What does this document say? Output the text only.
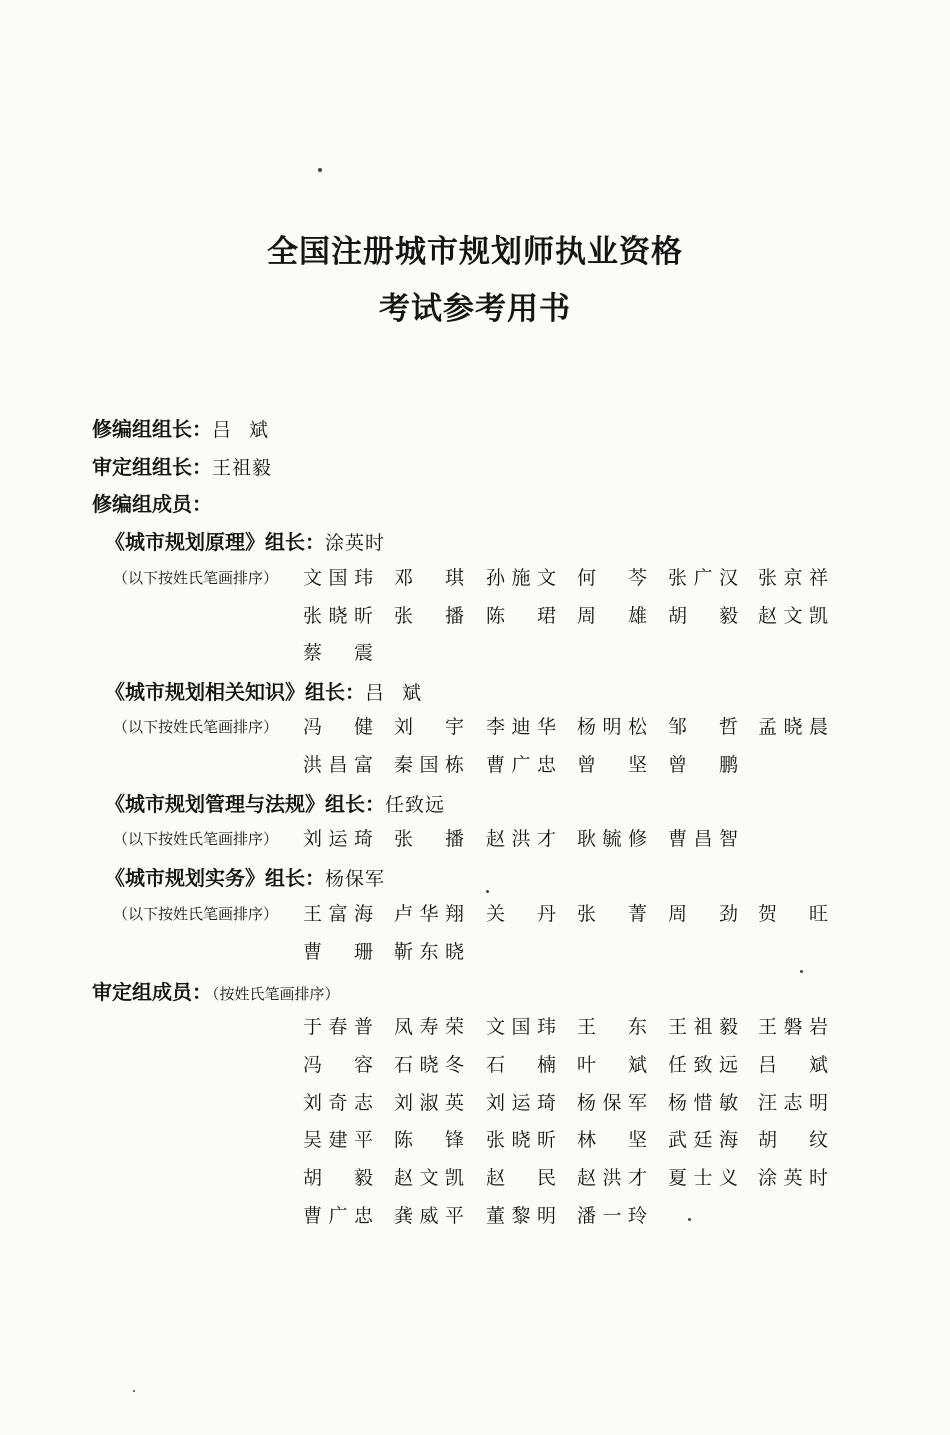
全国注册城市规划师执业资格
考试参考用书
修编组组长：吕 斌
审定组组长：王祖毅
修编组成员：
《城市规划原理》组长：涂英时
（以下按姓氏笔画排序） 文国玮 邓 琪 孙施文 何 芩 张广汉 张京祥
张晓昕 张 播 陈 珺 周 雄 胡 毅 赵文凯
蔡 震
《城市规划相关知识》组长：吕 斌
（以下按姓氏笔画排序） 冯 健 刘 宇 李迪华 杨明松 邹 哲 孟晓晨
洪昌富 秦国栋 曹广忠 曾 坚 曾 鹏
《城市规划管理与法规》组长：任致远
（以下按姓氏笔画排序） 刘运琦 张 播 赵洪才 耿毓修 曹昌智
《城市规划实务》组长：杨保军
（以下按姓氏笔画排序） 王富海 卢华翔 关 丹 张 菁 周 劲 贺 旺
曹 珊 靳东晓
审定组成员：（按姓氏笔画排序）
于春普 凤寿荣 文国玮 王 东 王祖毅 王磐岩
冯 容 石晓冬 石 楠 叶 斌 任致远 吕 斌
刘奇志 刘淑英 刘运琦 杨保军 杨惜敏 汪志明
吴建平 陈 锋 张晓昕 林 坚 武廷海 胡 纹
胡 毅 赵文凯 赵 民 赵洪才 夏士义 涂英时
曹广忠 龚威平 董黎明 潘一玲
